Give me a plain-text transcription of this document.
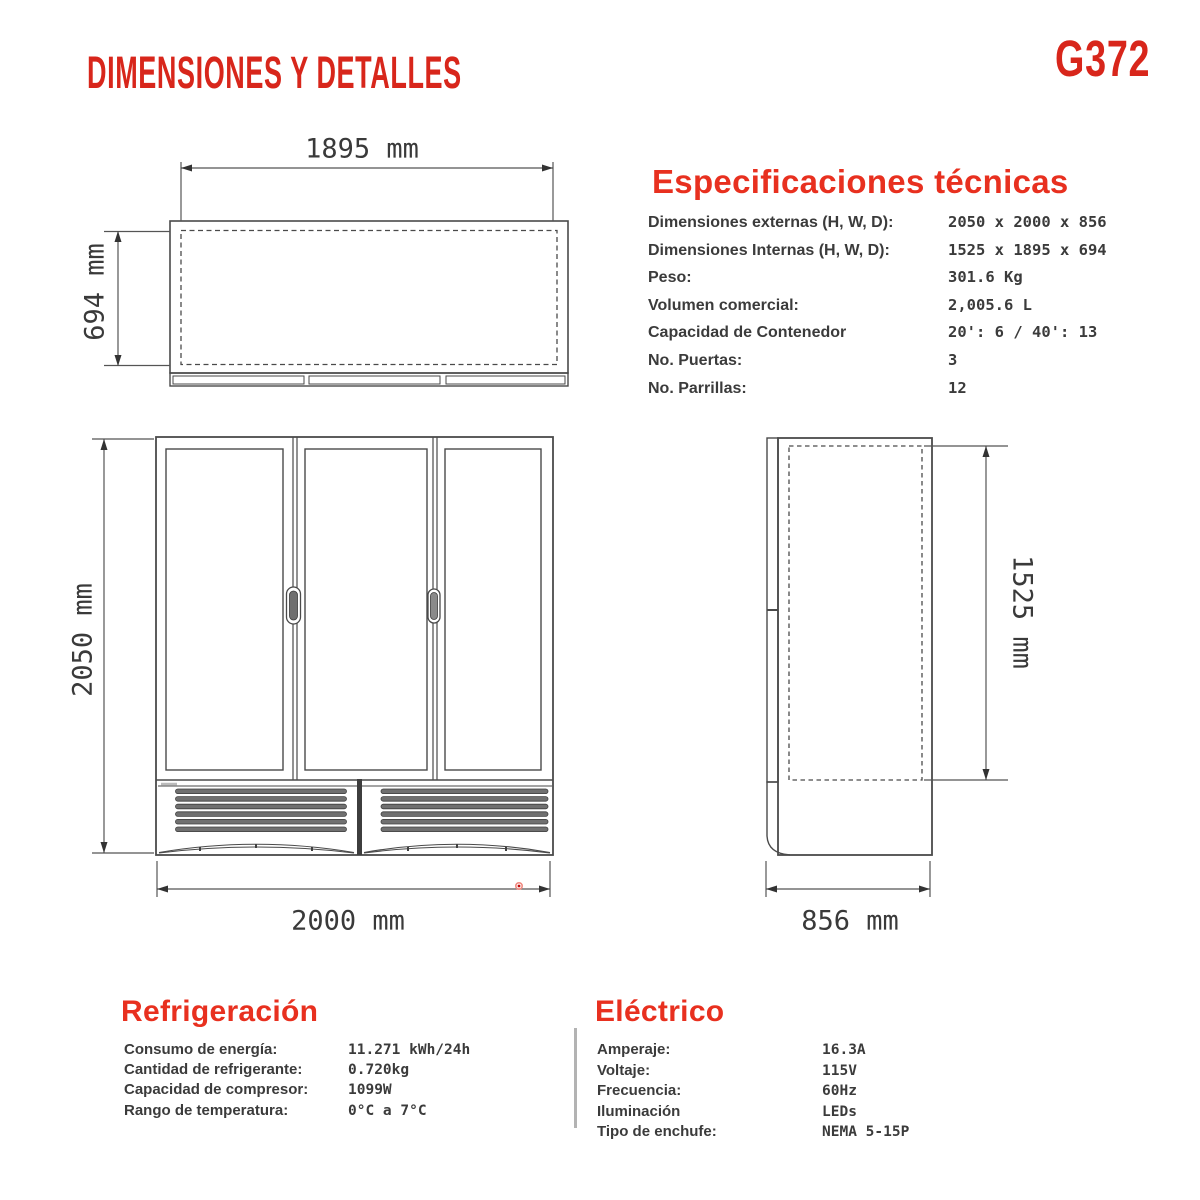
1895 mm
694 mm
2050 mm
2000 mm
1525 mm
856 mm
DIMENSIONES Y DETALLES	G372
Especificaciones técnicas
Dimensiones externas (H, W, D):	2050 x 2000 x 856
Dimensiones Internas (H, W, D):	1525 x 1895 x 694
Peso:	301.6 Kg
Volumen comercial:	2,005.6 L
Capacidad de Contenedor	20': 6 / 40': 13
No. Puertas:	3
No. Parrillas:	12
Refrigeración
Consumo de energía:	11.271 kWh/24h
Cantidad de refrigerante:	0.720kg
Capacidad de compresor:	1099W
Rango de temperatura:	0°C a 7°C
Eléctrico
Amperaje:	16.3A
Voltaje:	115V
Frecuencia:	60Hz
Iluminación	LEDs
Tipo de enchufe:	NEMA 5-15P
